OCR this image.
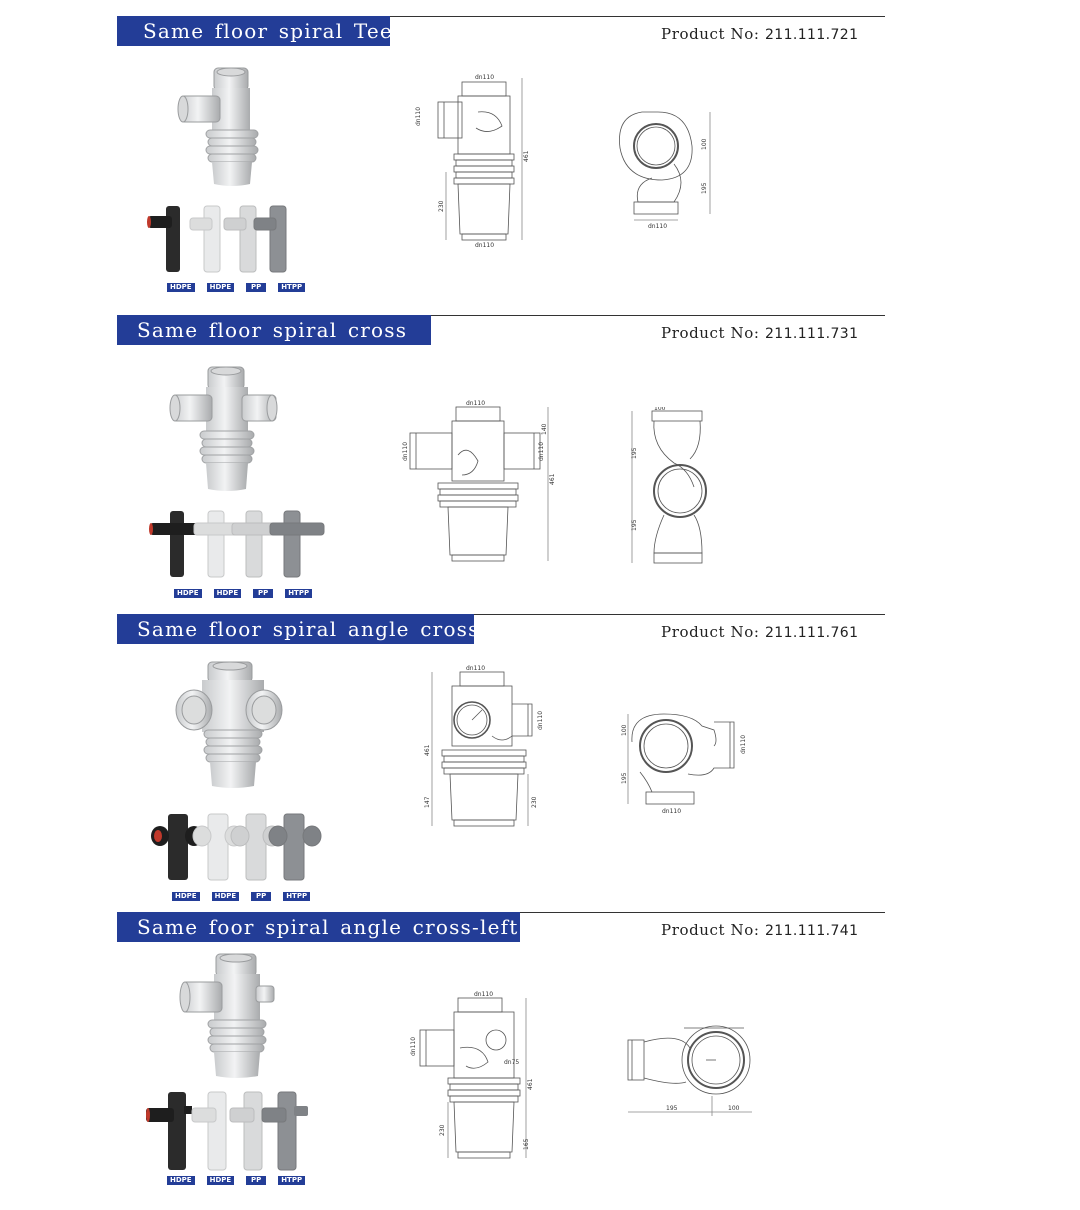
Same floor spiral Tee	Product No: 211.111.721
HDPE	HDPE	PP	HTPP
dn110
dn110
461
230
dn110
100
195
dn110
Same floor spiral cross	Product No: 211.111.731
HDPE	HDPE	PP	HTPP
dn110
dn110	dn110
140
461
100
195
195
Same floor spiral angle cross	Product No: 211.111.761
HDPE	HDPE	PP	HTPP
dn110
dn110
461
147	230
100
195
dn110
dn110
Same foor spiral angle cross-left	Product No: 211.111.741
HDPE	HDPE	PP	HTPP
dn110
dn110
dn75
461
230
165
195	100
